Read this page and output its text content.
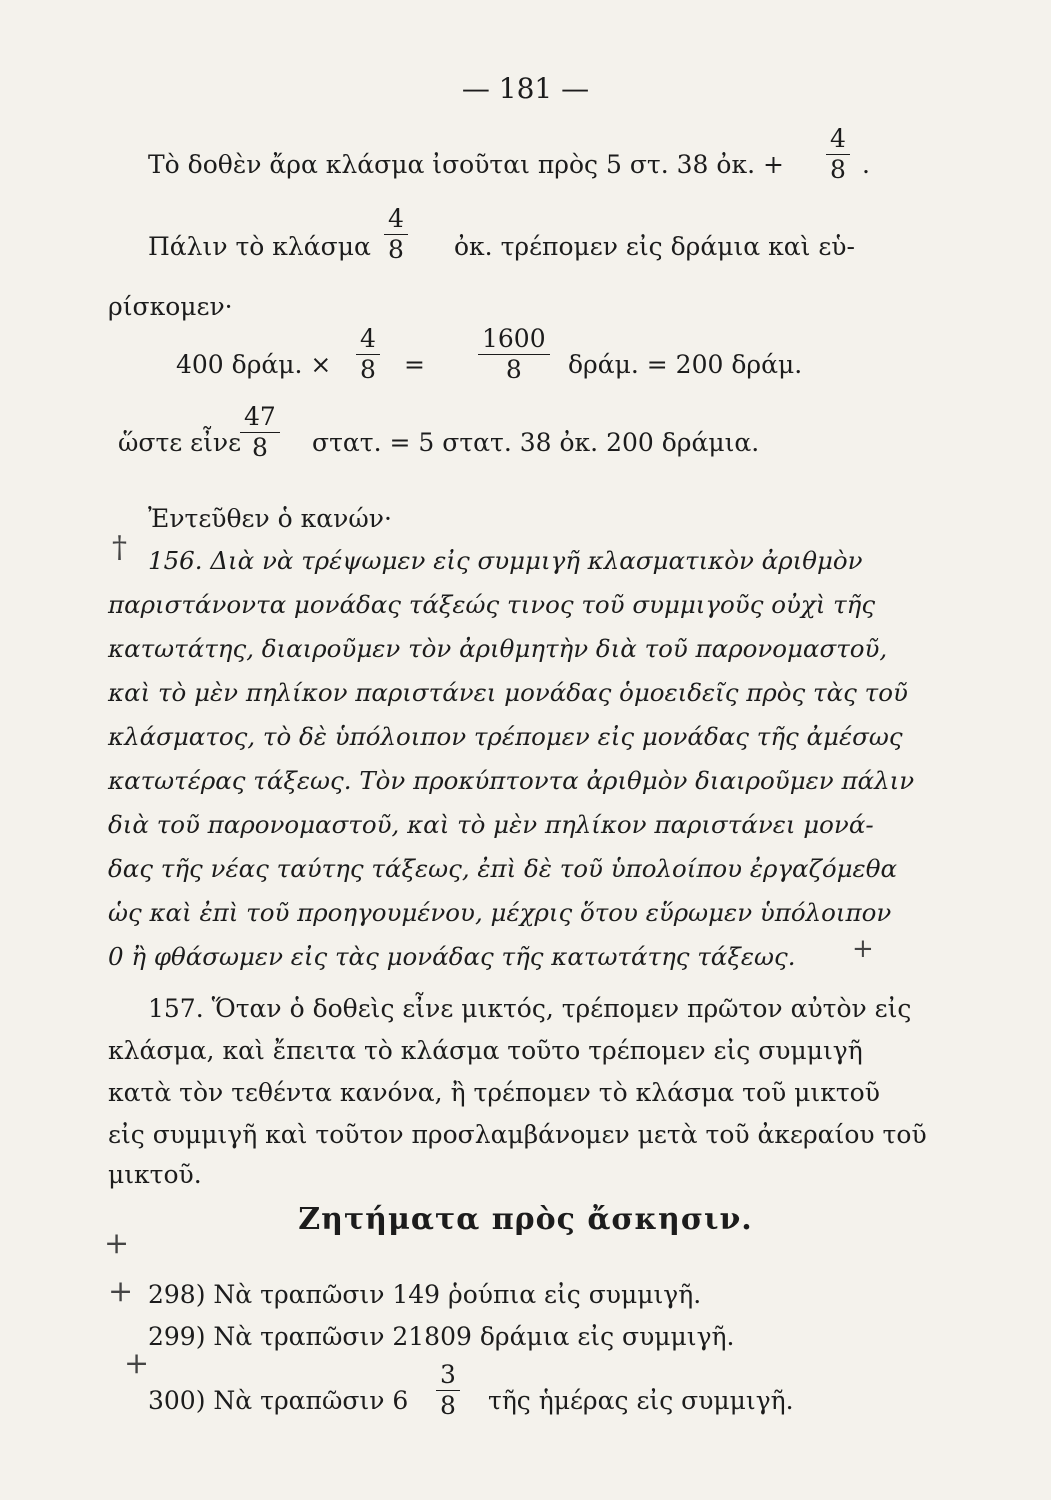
— 181 —
Τὸ δοθὲν ἄρα κλάσμα ἰσοῦται πρὸς 5 στ. 38 ὀκ. +
4
8 .
Πάλιν τὸ κλάσμα
4
8 ὀκ. τρέπομεν εἰς δράμια καὶ εὑ-
ρίσκομεν·
400 δράμ. ×
4
8 =
1600
8 δράμ. = 200 δράμ.
ὥστε εἶνε
47
8 στατ. = 5 στατ. 38 ὀκ. 200 δράμια.
Ἐντεῦθεν ὁ κανών·
† 156. Διὰ νὰ τρέψωμεν εἰς συμμιγῆ κλασματικὸν ἀριθμὸν
παριστάνοντα μονάδας τάξεώς τινος τοῦ συμμιγοῦς οὐχὶ τῆς
κατωτάτης, διαιροῦμεν τὸν ἀριθμητὴν διὰ τοῦ παρονομαστοῦ,
καὶ τὸ μὲν πηλίκον παριστάνει μονάδας ὁμοειδεῖς πρὸς τὰς τοῦ
κλάσματος, τὸ δὲ ὑπόλοιπον τρέπομεν εἰς μονάδας τῆς ἀμέσως
κατωτέρας τάξεως. Τὸν προκύπτοντα ἀριθμὸν διαιροῦμεν πάλιν
διὰ τοῦ παρονομαστοῦ, καὶ τὸ μὲν πηλίκον παριστάνει μονά-
δας τῆς νέας ταύτης τάξεως, ἐπὶ δὲ τοῦ ὑπολοίπου ἐργαζόμεθα
ὡς καὶ ἐπὶ τοῦ προηγουμένου, μέχρις ὅτου εὕρωμεν ὑπόλοιπον
0 ἢ φθάσωμεν εἰς τὰς μονάδας τῆς κατωτάτης τάξεως. +
157. Ὅταν ὁ δοθεὶς εἶνε μικτός, τρέπομεν πρῶτον αὐτὸν εἰς
κλάσμα, καὶ ἔπειτα τὸ κλάσμα τοῦτο τρέπομεν εἰς συμμιγῆ
κατὰ τὸν τεθέντα κανόνα, ἢ τρέπομεν τὸ κλάσμα τοῦ μικτοῦ
εἰς συμμιγῆ καὶ τοῦτον προσλαμβάνομεν μετὰ τοῦ ἀκεραίου τοῦ
μικτοῦ.
Ζητήματα πρὸς ἄσκησιν.
+
298) Νὰ τραπῶσιν 149 ῥούπια εἰς συμμιγῆ.
+
299) Νὰ τραπῶσιν 21809 δράμια εἰς συμμιγῆ.
+
300) Νὰ τραπῶσιν 6
3
8 τῆς ἡμέρας εἰς συμμιγῆ.
